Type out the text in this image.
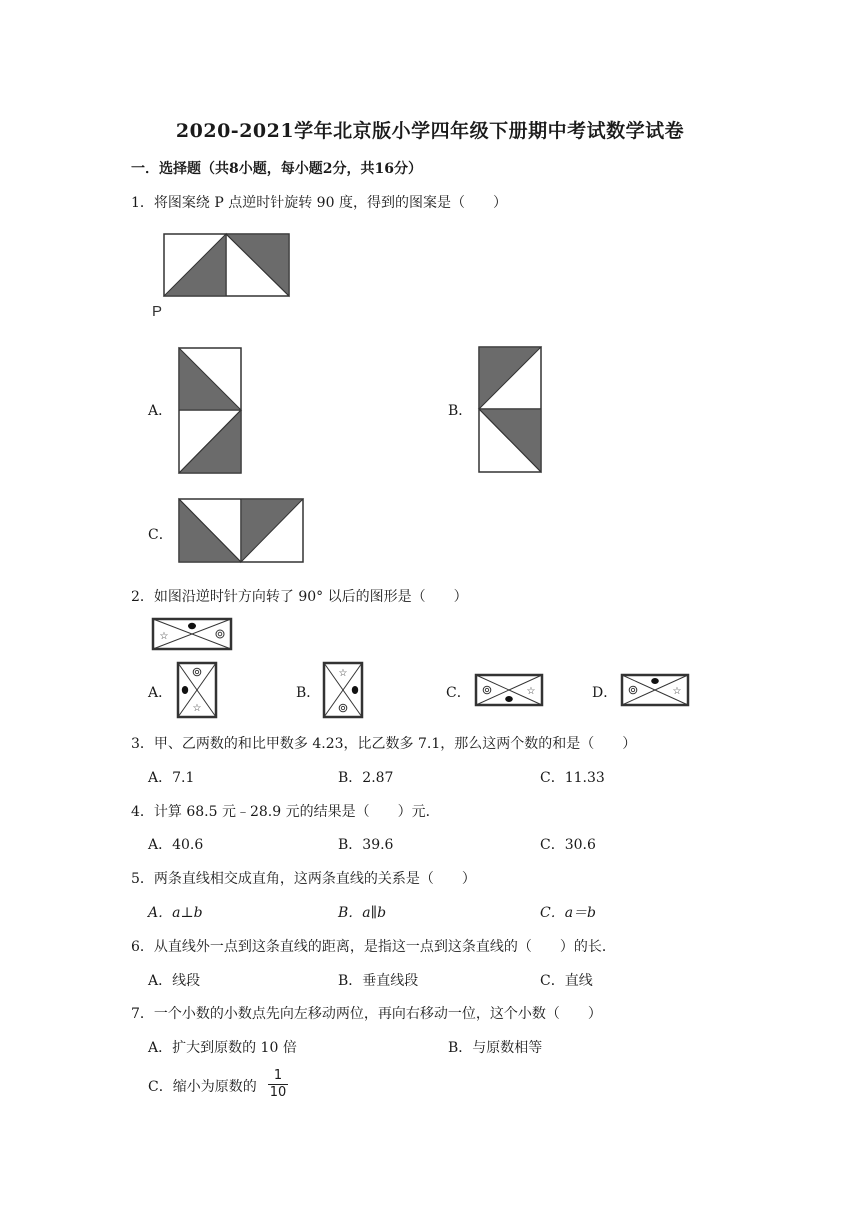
2020-2021学年北京版小学四年级下册期中考试数学试卷
一．选择题（共8小题，每小题2分，共16分）
1．将图案绕 P 点逆时针旋转 90 度，得到的图案是（　　）
P
A．	B．
C．
2．如图沿逆时针方向转了 90° 以后的图形是（　　）
☆
A．
☆
B．
☆
C．	☆	D．	☆
3．甲、乙两数的和比甲数多 4.23，比乙数多 7.1，那么这两个数的和是（　　）
A．7.1	B．2.87	C．11.33
4．计算 68.5 元﹣28.9 元的结果是（　　）元．
A．40.6	B．39.6	C．30.6
5．两条直线相交成直角，这两条直线的关系是（　　）
A．a⊥b	B．a∥b	C．a＝b
6．从直线外一点到这条直线的距离，是指这一点到这条直线的（　　）的长．
A．线段	B．垂直线段	C．直线
7．一个小数的小数点先向左移动两位，再向右移动一位，这个小数（　　）
A．扩大到原数的 10 倍	B．与原数相等
C．缩小为原数的
1
10
